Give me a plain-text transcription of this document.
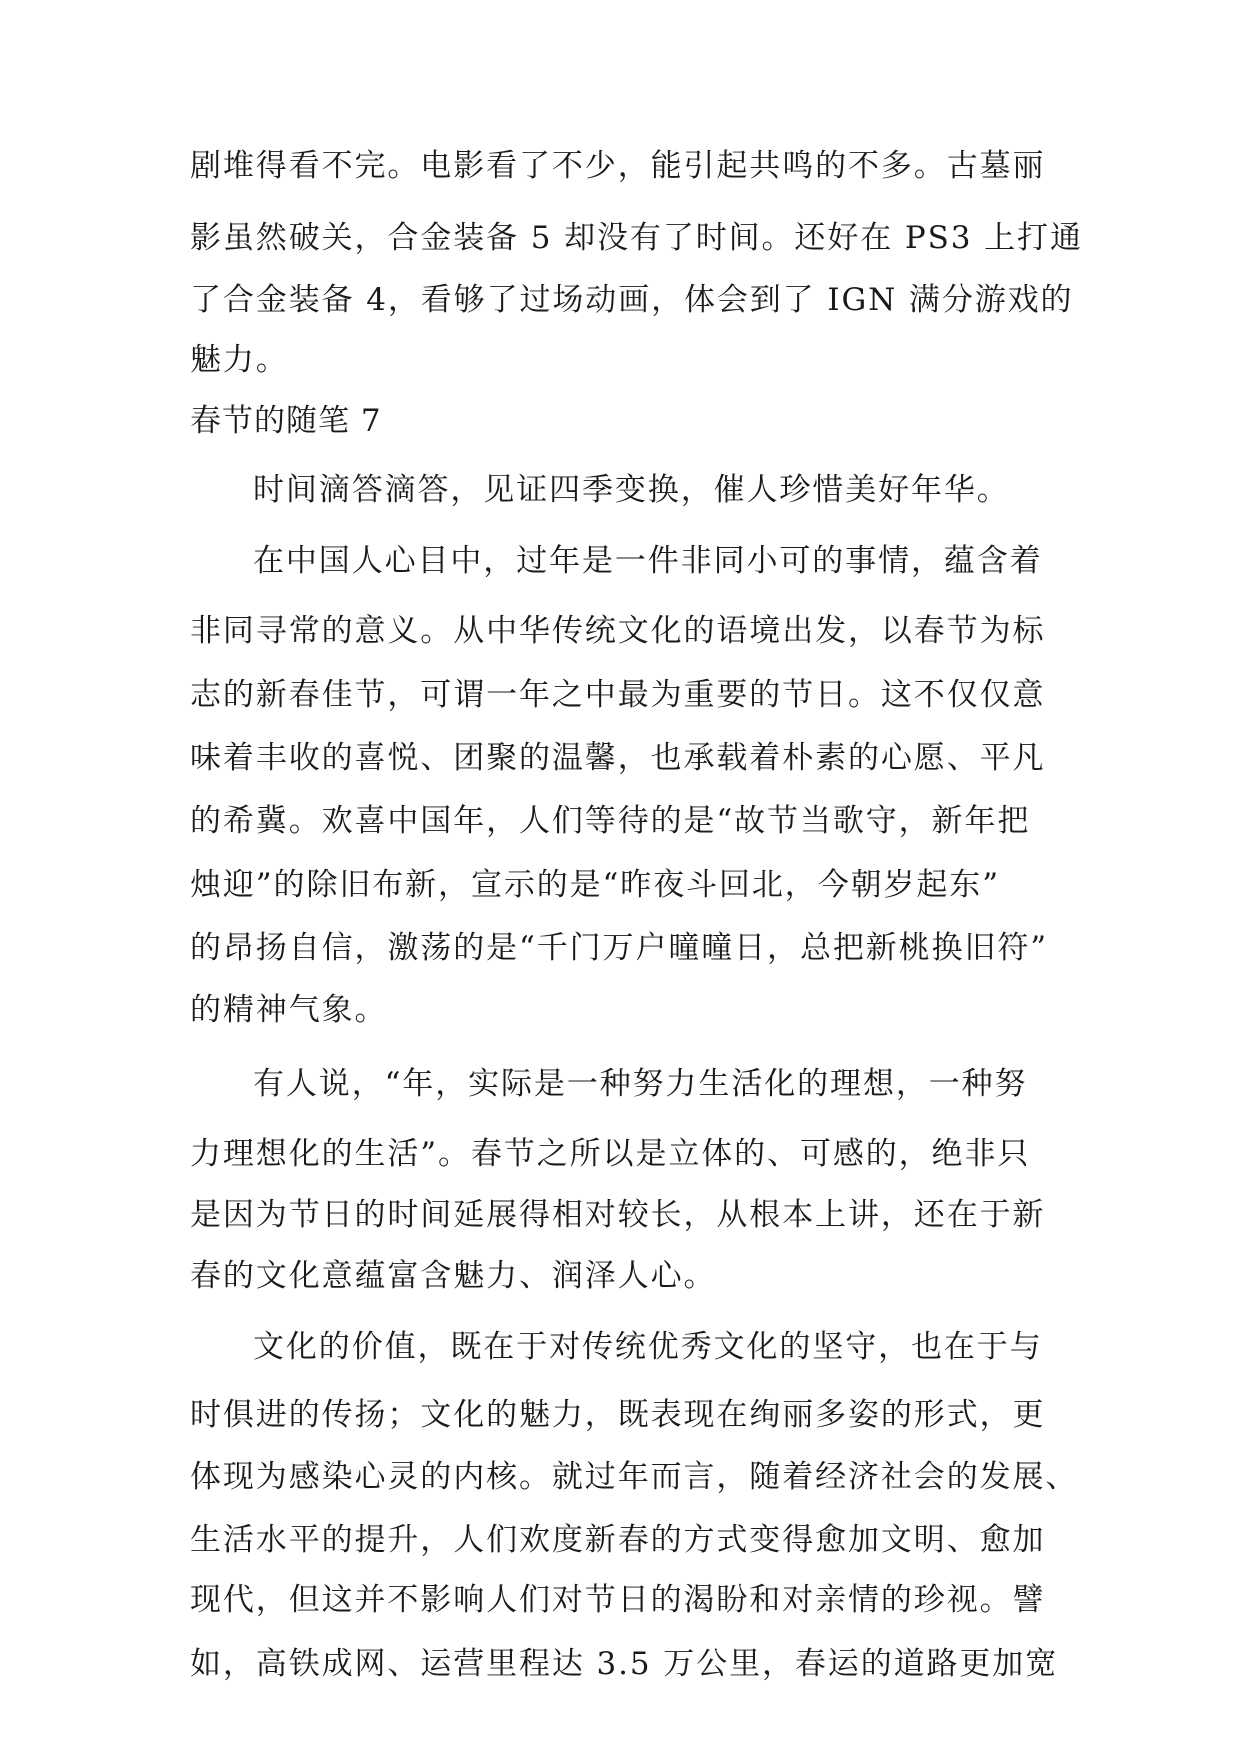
剧堆得看不完。电影看了不少，能引起共鸣的不多。古墓丽
影虽然破关，合金装备 5 却没有了时间。还好在 PS3 上打通
了合金装备 4，看够了过场动画，体会到了 IGN 满分游戏的
魅力。
春节的随笔 7
时间滴答滴答，见证四季变换，催人珍惜美好年华。
在中国人心目中，过年是一件非同小可的事情，蕴含着
非同寻常的意义。从中华传统文化的语境出发，以春节为标
志的新春佳节，可谓一年之中最为重要的节日。这不仅仅意
味着丰收的喜悦、团聚的温馨，也承载着朴素的心愿、平凡
的希冀。欢喜中国年，人们等待的是“故节当歌守，新年把
烛迎”的除旧布新，宣示的是“昨夜斗回北，今朝岁起东”
的昂扬自信，激荡的是“千门万户曈曈日，总把新桃换旧符”
的精神气象。
有人说，“年，实际是一种努力生活化的理想，一种努
力理想化的生活”。春节之所以是立体的、可感的，绝非只
是因为节日的时间延展得相对较长，从根本上讲，还在于新
春的文化意蕴富含魅力、润泽人心。
文化的价值，既在于对传统优秀文化的坚守，也在于与
时俱进的传扬；文化的魅力，既表现在绚丽多姿的形式，更
体现为感染心灵的内核。就过年而言，随着经济社会的发展、
生活水平的提升，人们欢度新春的方式变得愈加文明、愈加
现代，但这并不影响人们对节日的渴盼和对亲情的珍视。譬
如，高铁成网、运营里程达 3.5 万公里，春运的道路更加宽
